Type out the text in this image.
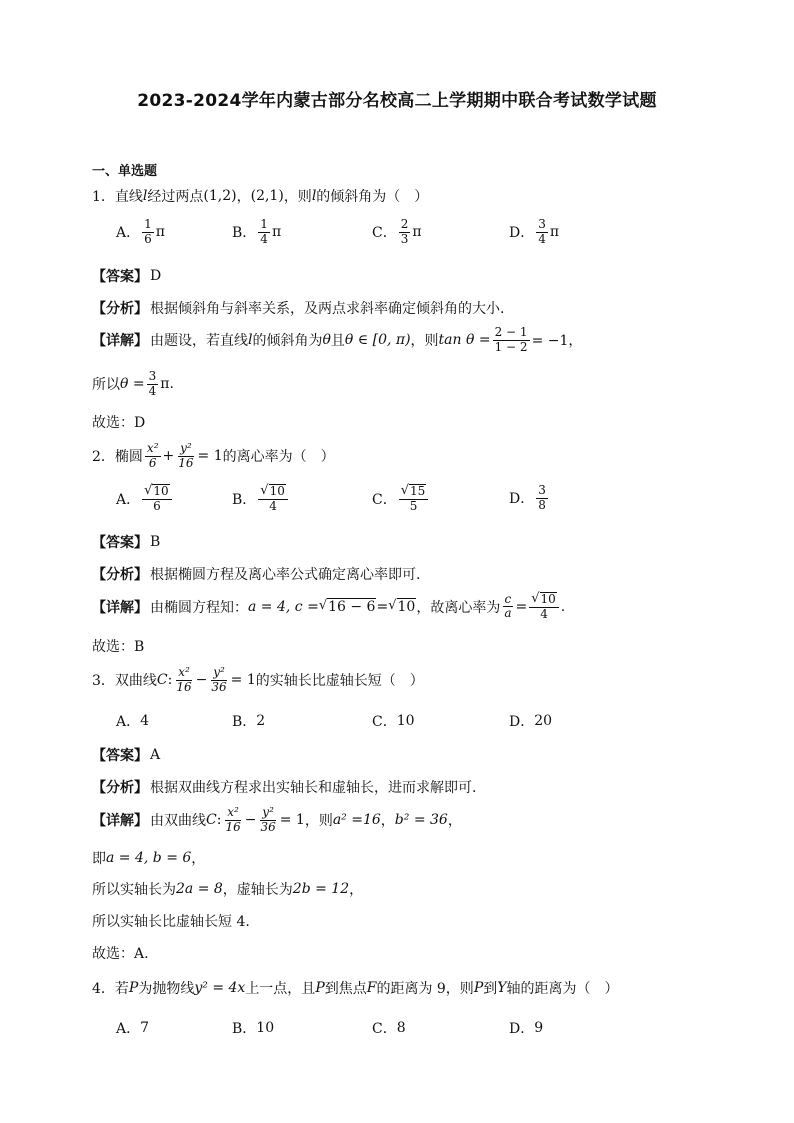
2023-2024学年内蒙古部分名校高二上学期期中联合考试数学试题
一、单选题
1． 直线 l 经过两点 (1,2) ， (2,1) ，则 l 的倾斜角为（　）
A． $\frac{1}{6}$ π	B． $\frac{1}{4}$ π	C． $\frac{2}{3}$ π	D． $\frac{3}{4}$ π
【答案】 D
【分析】 根据倾斜角与斜率关系，及两点求斜率确定倾斜角的大小.
【详解】 由题设，若直线 l 的倾斜角为 θ 且 θ ∈ [0, π) ，则 $\tan \theta = \frac{2 - 1}{1 - 2} = -1$，
所以 $\theta = \frac{3}{4} \pi$.
故选：D
2． 椭圆 $\frac{\text{x²}}{6} + \frac{\text{y²}}{16} = 1$ 的离心率为（　）
A． $\frac{√ 10}{6}$	B． $\frac{√ 10}{4}$	C． $\frac{√ 15}{5}$	D． $\frac{3}{8}$
【答案】 B
【分析】 根据椭圆方程及离心率公式确定离心率即可.
【详解】 由椭圆方程知： a = 4, c = √ 16 − 6 = √ 10 ，故离心率为 $\frac{c}{a} = \frac{√ 10}{4}$ .
故选：B
3． 双曲线 C : $\frac{\text{x²}}{16} - \frac{\text{y²}}{36} = 1$ 的实轴长比虚轴长短（　）
A． 4	B． 2	C． 10	D． 20
【答案】 A
【分析】 根据双曲线方程求出实轴长和虚轴长，进而求解即可.
【详解】 由双曲线 C : $\frac{\text{x²}}{16} - \frac{\text{y²}}{36} = 1$ ，则 a² =16 ， b² = 36 ，
即 a = 4, b = 6 ，
所以实轴长为 2a = 8 ，虚轴长为 2b = 12 ，
所以实轴长比虚轴长短 4.
故选：A.
4． 若 P 为抛物线 y² = 4x 上一点，且 P 到焦点 F 的距离为 9，则 P 到 Y 轴的距离为（　）
A． 7	B． 10	C． 8	D． 9
